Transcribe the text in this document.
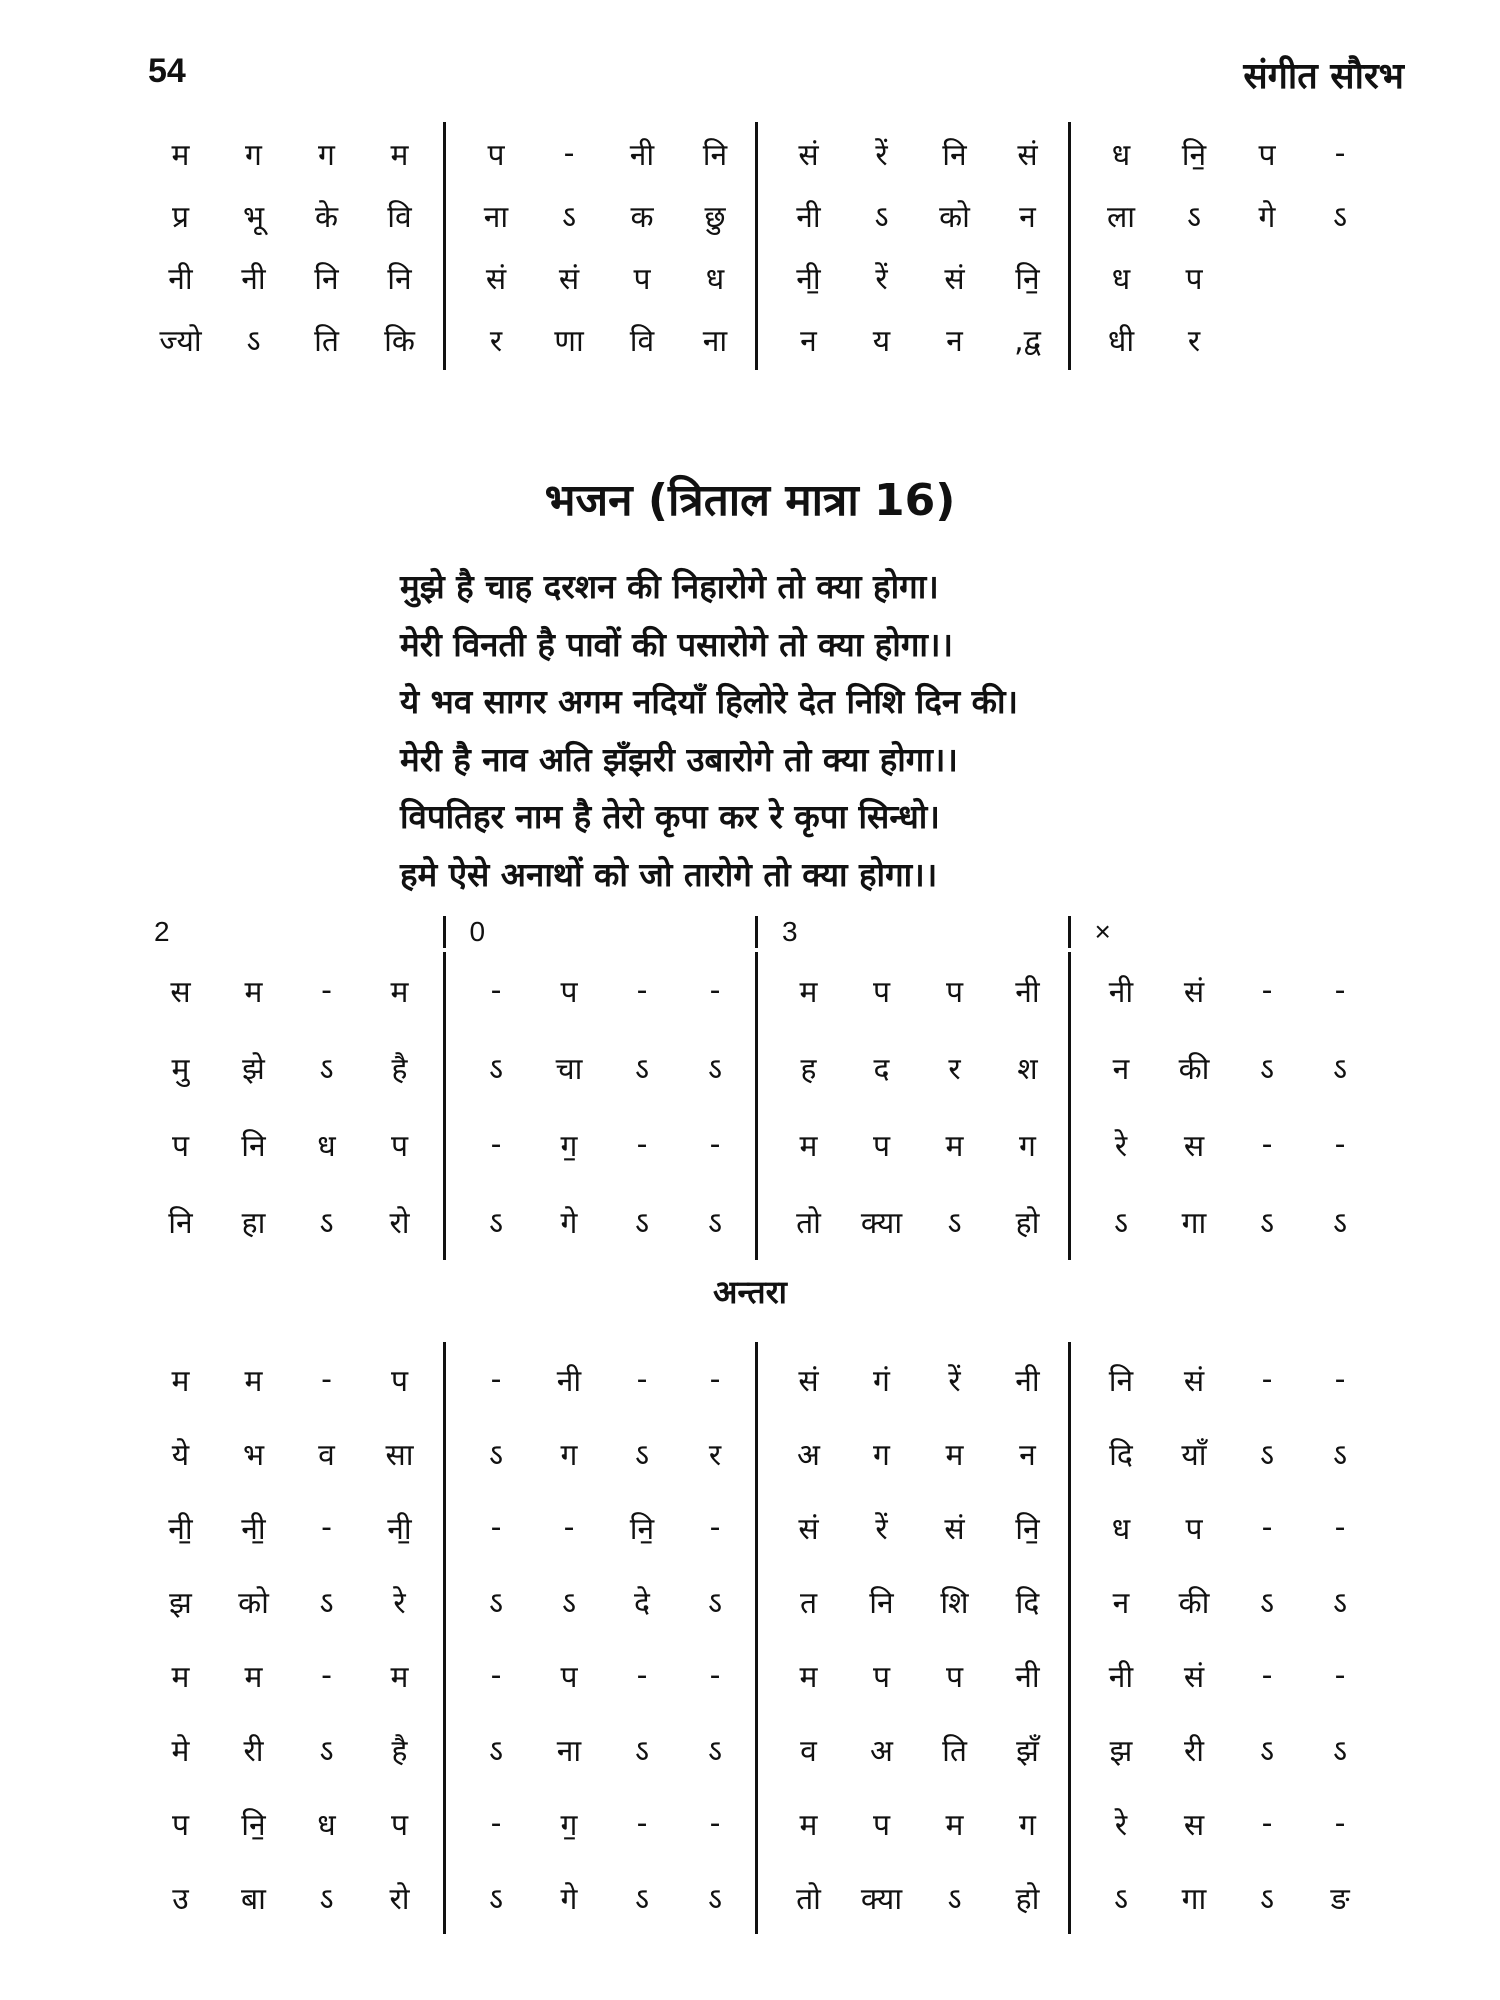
54	संगीत सौरभ
म	ग	ग	म	प	-	नी	नि	सं	रें	नि	सं	ध	नि॒	प	-
प्र	भू	के	वि	ना	ऽ	क	छु	नी	ऽ	को	न	ला	ऽ	गे	ऽ
नी	नी	नि	नि	सं	सं	प	ध	नी॒	रें	सं	नि॒	ध	प
ज्यो	ऽ	ति	कि	र	णा	वि	ना	न	य	न	,द्व	धी	र
भजन (त्रिताल मात्रा 16)
मुझे है चाह दरशन की निहारोगे तो क्या होगा।
मेरी विनती है पावों की पसारोगे तो क्या होगा।।
ये भव सागर अगम नदियाँ हिलोरे देत निशि दिन की।
मेरी है नाव अति झँझरी उबारोगे तो क्या होगा।।
विपतिहर नाम है तेरो कृपा कर रे कृपा सिन्धो।
हमे ऐसे अनाथों को जो तारोगे तो क्या होगा।।
2	0	3	×
स	म	-	म	-	प	-	-	म	प	प	नी	नी	सं	-	-
मु	झे	ऽ	है	ऽ	चा	ऽ	ऽ	ह	द	र	श	न	की	ऽ	ऽ
प	नि	ध	प	-	ग॒	-	-	म	प	म	ग	रे	स	-	-
नि	हा	ऽ	रो	ऽ	गे	ऽ	ऽ	तो	क्या	ऽ	हो	ऽ	गा	ऽ	ऽ
अन्तरा
म	म	-	प	-	नी	-	-	सं	गं	रें	नी	नि	सं	-	-
ये	भ	व	सा	ऽ	ग	ऽ	र	अ	ग	म	न	दि	याँ	ऽ	ऽ
नी॒	नी॒	-	नी॒	-	-	नि॒	-	सं	रें	सं	नि॒	ध	प	-	-
झ	को	ऽ	रे	ऽ	ऽ	दे	ऽ	त	नि	शि	दि	न	की	ऽ	ऽ
म	म	-	म	-	प	-	-	म	प	प	नी	नी	सं	-	-
मे	री	ऽ	है	ऽ	ना	ऽ	ऽ	व	अ	ति	झँ	झ	री	ऽ	ऽ
प	नि॒	ध	प	-	ग॒	-	-	म	प	म	ग	रे	स	-	-
उ	बा	ऽ	रो	ऽ	गे	ऽ	ऽ	तो	क्या	ऽ	हो	ऽ	गा	ऽ	ङ
